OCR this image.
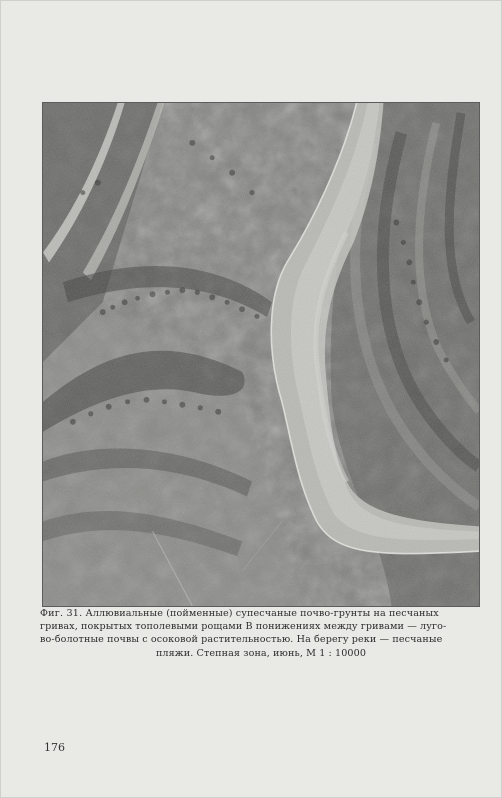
Фиг. 31. Аллювиальные (пойменные) супесчаные почво-грунты на песчаных
гривах, покрытых тополевыми рощами В понижениях между гривами — луго-
во-болотные почвы с осоковой растительностью. На берегу реки — песчаные
пляжи. Степная зона, июнь, М 1 : 10000
176
